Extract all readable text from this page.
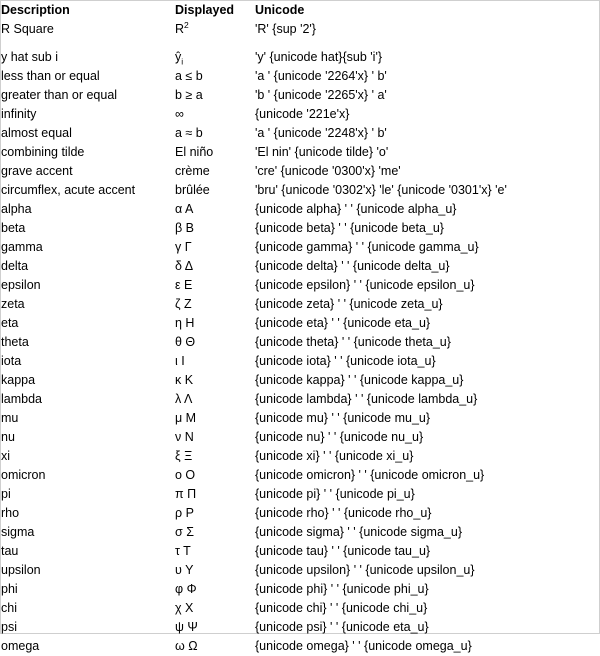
Description	Displayed	Unicode
R Square	$R^2$	'R' {sup '2'}
y hat sub i	$ŷ_i$	'y' {unicode hat}{sub 'i'}
less than or equal	a ≤ b	'a ' {unicode '2264'x} ' b'
greater than or equal	b ≥ a	'b ' {unicode '2265'x} ' a'
infinity	∞	{unicode '221e'x}
almost equal	a ≈ b	'a ' {unicode '2248'x} ' b'
combining tilde	El niño	'El nin' {unicode tilde} 'o'
grave accent	crème	'cre' {unicode '0300'x} 'me'
circumflex, acute accent	brûlée	'bru' {unicode '0302'x} 'le' {unicode '0301'x} 'e'
alpha	α Α	{unicode alpha} ' ' {unicode alpha_u}
beta	β Β	{unicode beta} ' ' {unicode beta_u}
gamma	γ Γ	{unicode gamma} ' ' {unicode gamma_u}
delta	δ Δ	{unicode delta} ' ' {unicode delta_u}
epsilon	ε Ε	{unicode epsilon} ' ' {unicode epsilon_u}
zeta	ζ Ζ	{unicode zeta} ' ' {unicode zeta_u}
eta	η Η	{unicode eta} ' ' {unicode eta_u}
theta	θ Θ	{unicode theta} ' ' {unicode theta_u}
iota	ι Ι	{unicode iota} ' ' {unicode iota_u}
kappa	κ Κ	{unicode kappa} ' ' {unicode kappa_u}
lambda	λ Λ	{unicode lambda} ' ' {unicode lambda_u}
mu	μ Μ	{unicode mu} ' ' {unicode mu_u}
nu	ν Ν	{unicode nu} ' ' {unicode nu_u}
xi	ξ Ξ	{unicode xi} ' ' {unicode xi_u}
omicron	o Ο	{unicode omicron} ' ' {unicode omicron_u}
pi	π Π	{unicode pi} ' ' {unicode pi_u}
rho	ρ Ρ	{unicode rho} ' ' {unicode rho_u}
sigma	σ Σ	{unicode sigma} ' ' {unicode sigma_u}
tau	τ Τ	{unicode tau} ' ' {unicode tau_u}
upsilon	υ Υ	{unicode upsilon} ' ' {unicode upsilon_u}
phi	φ Φ	{unicode phi} ' ' {unicode phi_u}
chi	χ Χ	{unicode chi} ' ' {unicode chi_u}
psi	ψ Ψ	{unicode psi} ' ' {unicode eta_u}
omega	ω Ω	{unicode omega} ' ' {unicode omega_u}
